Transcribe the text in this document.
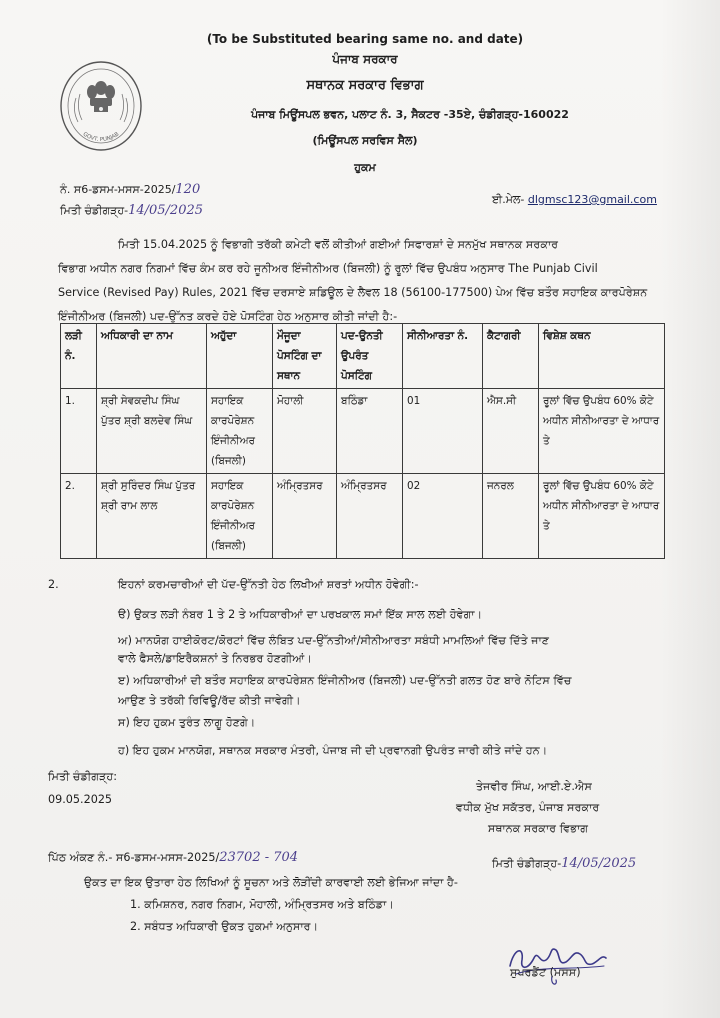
(To be Substituted bearing same no. and date)
ਪੰਜਾਬ ਸਰਕਾਰ
ਸਥਾਨਕ ਸਰਕਾਰ ਵਿਭਾਗ
ਪੰਜਾਬ ਮਿਊਂਸਪਲ ਭਵਨ, ਪਲਾਟ ਨੰ. 3, ਸੈਕਟਰ -35ਏ, ਚੰਡੀਗੜ੍ਹ-160022
(ਮਿਊਂਸਪਲ ਸਰਵਿਸ ਸੈਲ)
ਹੁਕਮ
GOVT. PUNJAB
ਨੰ. ਸ6-ਡਸਮ-ਮਸਸ-2025/120
ਮਿਤੀ ਚੰਡੀਗੜ੍ਹ-14/05/2025
ਈ.ਮੇਲ- dlgmsc123@gmail.com
ਮਿਤੀ 15.04.2025 ਨੂੰ ਵਿਭਾਗੀ ਤਰੱਕੀ ਕਮੇਟੀ ਵਲੋਂ ਕੀਤੀਆਂ ਗਈਆਂ ਸਿਫਾਰਸ਼ਾਂ ਦੇ ਸਨਮੁੱਖ ਸਥਾਨਕ ਸਰਕਾਰ
ਵਿਭਾਗ ਅਧੀਨ ਨਗਰ ਨਿਗਮਾਂ ਵਿੱਚ ਕੰਮ ਕਰ ਰਹੇ ਜੂਨੀਅਰ ਇੰਜੀਨੀਅਰ (ਬਿਜਲੀ) ਨੂੰ ਰੂਲਾਂ ਵਿੱਚ ਉਪਬੰਧ ਅਨੁਸਾਰ The Punjab Civil
Service (Revised Pay) Rules, 2021 ਵਿੱਚ ਦਰਸਾਏ ਸ਼ਡਿਊਲ ਦੇ ਲੈਵਲ 18 (56100-177500) ਪੇਅ ਵਿੱਚ ਬਤੌਰ ਸਹਾਇਕ ਕਾਰਪੋਰੇਸ਼ਨ
ਇੰਜੀਨੀਅਰ (ਬਿਜਲੀ) ਪਦ-ਉੱਨਤ ਕਰਦੇ ਹੋਏ ਪੋਸਟਿੰਗ ਹੇਠ ਅਨੁਸਾਰ ਕੀਤੀ ਜਾਂਦੀ ਹੈ:-
ਲੜੀ ਨੰ.	ਅਧਿਕਾਰੀ ਦਾ ਨਾਮ	ਅਹੁੱਦਾ	ਮੌਜੂਦਾ ਪੋਸਟਿੰਗ ਦਾ ਸਥਾਨ	ਪਦ-ਉਨਤੀ ਉਪਰੰਤ ਪੋਸਟਿੰਗ	ਸੀਨੀਆਰਤਾ ਨੰ.	ਕੈਟਾਗਰੀ	ਵਿਸ਼ੇਸ਼ ਕਥਨ
1.	ਸ਼੍ਰੀ ਸੇਵਕਦੀਪ ਸਿੰਘ ਪੁੱਤਰ ਸ਼੍ਰੀ ਬਲਦੇਵ ਸਿੰਘ	ਸਹਾਇਕ ਕਾਰਪੋਰੇਸ਼ਨ ਇੰਜੀਨੀਅਰ (ਬਿਜਲੀ)	ਮੋਹਾਲੀ	ਬਠਿੰਡਾ	01	ਐਸ.ਸੀ	ਰੂਲਾਂ ਵਿੱਚ ਉਪਬੰਧ 60% ਕੋਟੇ ਅਧੀਨ ਸੀਨੀਆਰਤਾ ਦੇ ਆਧਾਰ ਤੇ
2.	ਸ਼੍ਰੀ ਸੁਰਿੰਦਰ ਸਿੰਘ ਪੁੱਤਰ ਸ਼੍ਰੀ ਰਾਮ ਲਾਲ	ਸਹਾਇਕ ਕਾਰਪੋਰੇਸ਼ਨ ਇੰਜੀਨੀਅਰ (ਬਿਜਲੀ)	ਅੰਮ੍ਰਿਤਸਰ	ਅੰਮ੍ਰਿਤਸਰ	02	ਜਨਰਲ	ਰੂਲਾਂ ਵਿੱਚ ਉਪਬੰਧ 60% ਕੋਟੇ ਅਧੀਨ ਸੀਨੀਆਰਤਾ ਦੇ ਆਧਾਰ ਤੇ
2.	ਇਹਨਾਂ ਕਰਮਚਾਰੀਆਂ ਦੀ ਪੱਦ-ਉੱਨਤੀ ਹੇਠ ਲਿਖੀਆਂ ਸ਼ਰਤਾਂ ਅਧੀਨ ਹੋਵੇਗੀ:-
ੳ) ਉਕਤ ਲੜੀ ਨੰਬਰ 1 ਤੇ 2 ਤੇ ਅਧਿਕਾਰੀਆਂ ਦਾ ਪਰਖਕਾਲ ਸਮਾਂ ਇੱਕ ਸਾਲ ਲਈ ਹੋਵੇਗਾ।
ਅ) ਮਾਨਯੋਗ ਹਾਈਕੋਰਟ/ਕੋਰਟਾਂ ਵਿੱਚ ਲੰਬਿਤ ਪਦ-ਉੱਨਤੀਆਂ/ਸੀਨੀਆਰਤਾ ਸਬੰਧੀ ਮਾਮਲਿਆਂ ਵਿੱਚ ਦਿੱਤੇ ਜਾਣ
ਵਾਲੇ ਫੈਸਲੇ/ਡਾਇਰੈਕਸ਼ਨਾਂ ਤੇ ਨਿਰਭਰ ਹੋਣਗੀਆਂ।
ੲ) ਅਧਿਕਾਰੀਆਂ ਦੀ ਬਤੌਰ ਸਹਾਇਕ ਕਾਰਪੋਰੇਸ਼ਨ ਇੰਜੀਨੀਅਰ (ਬਿਜਲੀ) ਪਦ-ਉੱਨਤੀ ਗਲਤ ਹੋਣ ਬਾਰੇ ਨੋਟਿਸ ਵਿੱਚ
ਆਉਣ ਤੇ ਤਰੱਕੀ ਰਿਵਿਊ/ਰੱਦ ਕੀਤੀ ਜਾਵੇਗੀ।
ਸ) ਇਹ ਹੁਕਮ ਤੁਰੰਤ ਲਾਗੂ ਹੋਣਗੇ।
ਹ) ਇਹ ਹੁਕਮ ਮਾਨਯੋਗ, ਸਥਾਨਕ ਸਰਕਾਰ ਮੰਤਰੀ, ਪੰਜਾਬ ਜੀ ਦੀ ਪ੍ਰਵਾਨਗੀ ਉਪਰੰਤ ਜਾਰੀ ਕੀਤੇ ਜਾਂਦੇ ਹਨ।
ਮਿਤੀ ਚੰਡੀਗੜ੍ਹ:
09.05.2025
ਤੇਜਵੀਰ ਸਿੰਘ, ਆਈ.ਏ.ਐਸ
ਵਧੀਕ ਮੁੱਖ ਸਕੱਤਰ, ਪੰਜਾਬ ਸਰਕਾਰ
ਸਥਾਨਕ ਸਰਕਾਰ ਵਿਭਾਗ
ਪਿੱਠ ਅੰਕਣ ਨੰ.- ਸ6-ਡਸਮ-ਮਸਸ-2025/23702 - 704	ਮਿਤੀ ਚੰਡੀਗੜ੍ਹ-14/05/2025
ਉਕਤ ਦਾ ਇਕ ਉਤਾਰਾ ਹੇਠ ਲਿਖਿਆਂ ਨੂੰ ਸੂਚਨਾ ਅਤੇ ਲੋੜੀਂਦੀ ਕਾਰਵਾਈ ਲਈ ਭੇਜਿਆ ਜਾਂਦਾ ਹੈ-
1. ਕਮਿਸ਼ਨਰ, ਨਗਰ ਨਿਗਮ, ਮੋਹਾਲੀ, ਅੰਮ੍ਰਿਤਸਰ ਅਤੇ ਬਠਿੰਡਾ।
2. ਸਬੰਧਤ ਅਧਿਕਾਰੀ ਉਕਤ ਹੁਕਮਾਂ ਅਨੁਸਾਰ।
ਸੁਪਰਡੈਂਟ (ਮਸਸ)
